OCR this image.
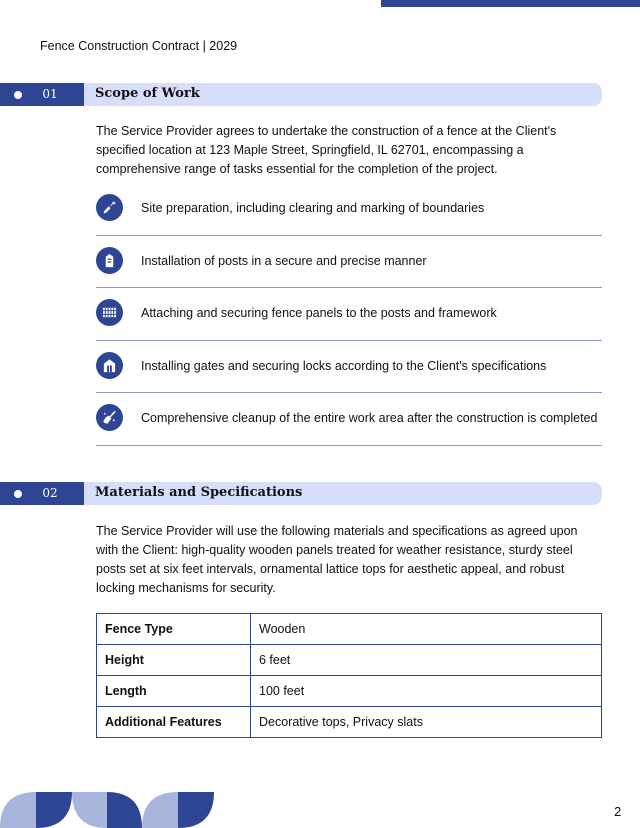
Fence Construction Contract | 2029
01	Scope of Work

The Service Provider agrees to undertake the construction of a fence at the Client's specified location at 123 Maple Street, Springfield, IL 62701, encompassing a comprehensive range of tasks essential for the completion of the project.

Site preparation, including clearing and marking of boundaries
Installation of posts in a secure and precise manner
Attaching and securing fence panels to the posts and framework
Installing gates and securing locks according to the Client's specifications
Comprehensive cleanup of the entire work area after the construction is completed
02	Materials and Specifications

The Service Provider will use the following materials and specifications as agreed upon with the Client: high-quality wooden panels treated for weather resistance, sturdy steel posts set at six feet intervals, ornamental lattice tops for aesthetic appeal, and robust locking mechanisms for security.

Fence Type	Wooden
Height	6 feet
Length	100 feet
Additional Features	Decorative tops, Privacy slats
2
